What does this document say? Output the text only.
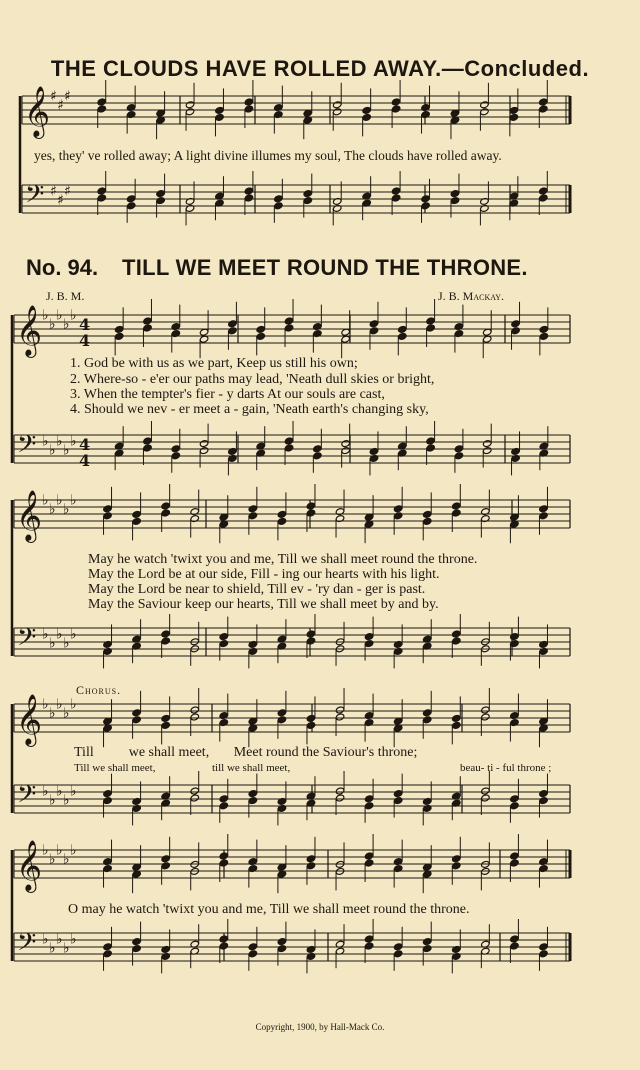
𝄞
𝄢
♯
♯
♯
♯
♯
♯
𝄞
𝄢
♭
♭
♭
♭
♭
♭
♭
♭
♭
♭
4
4
4
4
𝄞
𝄢
♭
♭
♭
♭
♭
♭
♭
♭
♭
♭
𝄞
𝄢
♭
♭
♭
♭
♭
♭
♭
♭
♭
♭
𝄞
𝄢
♭
♭
♭
♭
♭
♭
♭
♭
♭
♭
THE CLOUDS HAVE ROLLED AWAY.—Concluded.
yes, they' ve rolled away; A light divine illumes my soul, The clouds have rolled away.
No. 94. TILL WE MEET ROUND THE THRONE.
J. B. M.	J. B. Mackay.
1. God be with us as we part, Keep us still his own;
2. Where-so - e'er our paths may lead, 'Neath dull skies or bright,
3. When the tempter's fier - y darts At our souls are cast,
4. Should we nev - er meet a - gain, 'Neath earth's changing sky,
May he watch 'twixt you and me, Till we shall meet round the throne.
May the Lord be at our side, Fill - ing our hearts with his light.
May the Lord be near to shield, Till ev - 'ry dan - ger is past.
May the Saviour keep our hearts, Till we shall meet by and by.
Chorus.
Till          we shall meet,       Meet round the Saviour's throne;
Till we shall meet,	till we shall meet,	beau- ti - ful throne ;
O may he watch 'twixt you and me, Till we shall meet round the throne.
Copyright, 1900, by Hall-Mack Co.
